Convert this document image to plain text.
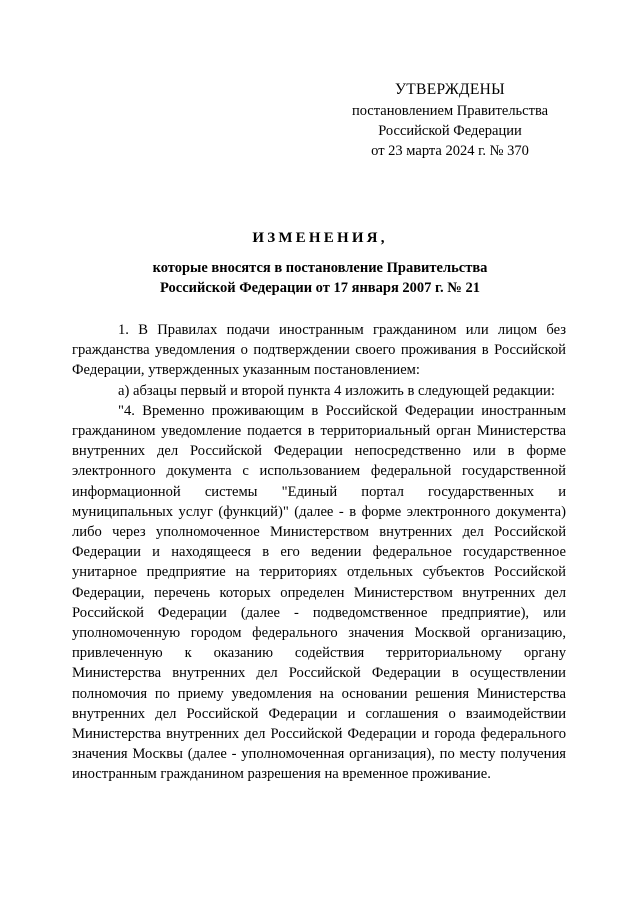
УТВЕРЖДЕНЫ
постановлением Правительства
Российской Федерации
от 23 марта 2024 г. № 370
ИЗМЕНЕНИЯ,
которые вносятся в постановление Правительства
Российской Федерации от 17 января 2007 г. № 21

1. В Правилах подачи иностранным гражданином или лицом без гражданства уведомления о подтверждении своего проживания в Российской Федерации, утвержденных указанным постановлением:

а) абзацы первый и второй пункта 4 изложить в следующей редакции:

"4. Временно проживающим в Российской Федерации иностранным гражданином уведомление подается в территориальный орган Министерства внутренних дел Российской Федерации непосредственно или в форме электронного документа с использованием федеральной государственной информационной системы "Единый портал государственных и муниципальных услуг (функций)" (далее - в форме электронного документа) либо через уполномоченное Министерством внутренних дел Российской Федерации и находящееся в его ведении федеральное государственное унитарное предприятие на территориях отдельных субъектов Российской Федерации, перечень которых определен Министерством внутренних дел Российской Федерации (далее - подведомственное предприятие), или уполномоченную городом федерального значения Москвой организацию, привлеченную к оказанию содействия территориальному органу Министерства внутренних дел Российской Федерации в осуществлении полномочия по приему уведомления на основании решения Министерства внутренних дел Российской Федерации и соглашения о взаимодействии Министерства внутренних дел Российской Федерации и города федерального значения Москвы (далее - уполномоченная организация), по месту получения иностранным гражданином разрешения на временное проживание.
